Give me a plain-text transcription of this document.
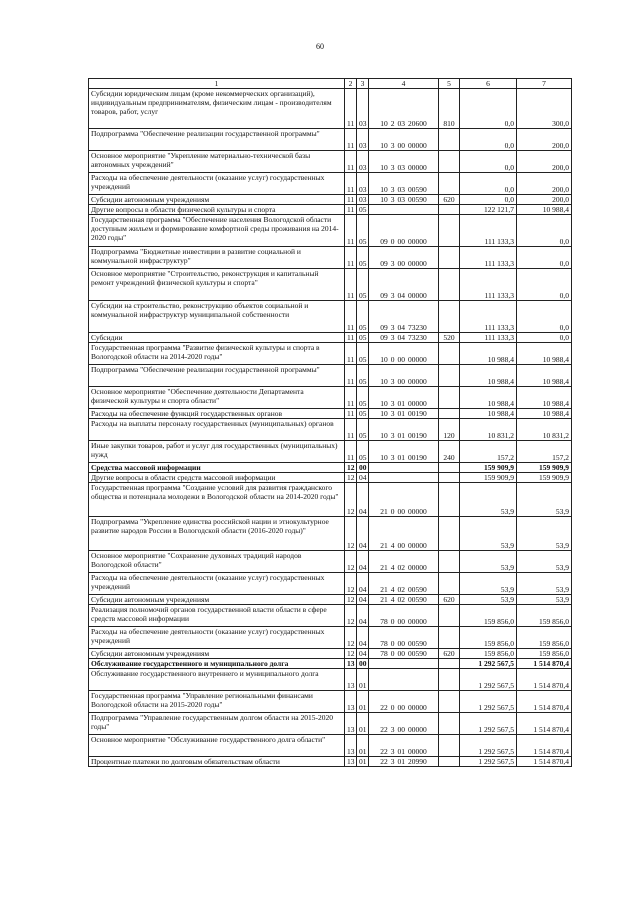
60
1	2	3	4	5	6	7
Субсидии юридическим лицам (кроме некоммерческих организаций), индивидуальным предпринимателям, физическим лицам - производителям товаров, работ, услуг	11	03	10 2 03 20600	810	0,0	300,0
Подпрограмма "Обеспечение реализации государственной программы"	11	03	10 3 00 00000		0,0	200,0
Основное мероприятие "Укрепление материально-технической базы автономных учреждений"	11	03	10 3 03 00000		0,0	200,0
Расходы на обеспечение деятельности (оказание услуг) государственных учреждений	11	03	10 3 03 00590		0,0	200,0
Субсидии автономным учреждениям	11	03	10 3 03 00590	620	0,0	200,0
Другие вопросы в области физической культуры и спорта	11	05			122 121,7	10 988,4
Государственная программа "Обеспечение населения Вологодской области доступным жильем и формирование комфортной среды проживания на 2014-2020 годы"	11	05	09 0 00 00000		111 133,3	0,0
Подпрограмма "Бюджетные инвестиции в развитие социальной и коммунальной инфраструктур"	11	05	09 3 00 00000		111 133,3	0,0
Основное мероприятие "Строительство, реконструкция и капитальный ремонт учреждений физической культуры и спорта"	11	05	09 3 04 00000		111 133,3	0,0
Субсидии на строительство, реконструкцию объектов социальной и коммунальной инфраструктур муниципальной собственности	11	05	09 3 04 73230		111 133,3	0,0
Субсидии	11	05	09 3 04 73230	520	111 133,3	0,0
Государственная программа "Развитие физической культуры и спорта в Вологодской области на 2014-2020 годы"	11	05	10 0 00 00000		10 988,4	10 988,4
Подпрограмма "Обеспечение реализации государственной программы"	11	05	10 3 00 00000		10 988,4	10 988,4
Основное мероприятие "Обеспечение деятельности Департамента физической культуры и спорта области"	11	05	10 3 01 00000		10 988,4	10 988,4
Расходы на обеспечение функций государственных органов	11	05	10 3 01 00190		10 988,4	10 988,4
Расходы на выплаты персоналу государственных (муниципальных) органов	11	05	10 3 01 00190	120	10 831,2	10 831,2
Иные закупки товаров, работ и услуг для государственных (муниципальных) нужд	11	05	10 3 01 00190	240	157,2	157,2
Средства массовой информации	12	00			159 909,9	159 909,9
Другие вопросы в области средств массовой информации	12	04			159 909,9	159 909,9
Государственная программа "Создание условий для развития гражданского общества и потенциала молодежи в Вологодской области на 2014-2020 годы"	12	04	21 0 00 00000		53,9	53,9
Подпрограмма "Укрепление единства российской нации и этнокультурное развитие народов России в Вологодской области (2016-2020 годы)"	12	04	21 4 00 00000		53,9	53,9
Основное мероприятие "Сохранение духовных традиций народов Вологодской области"	12	04	21 4 02 00000		53,9	53,9
Расходы на обеспечение деятельности (оказание услуг) государственных учреждений	12	04	21 4 02 00590		53,9	53,9
Субсидии автономным учреждениям	12	04	21 4 02 00590	620	53,9	53,9
Реализация полномочий органов государственной власти области в сфере средств массовой информации	12	04	78 0 00 00000		159 856,0	159 856,0
Расходы на обеспечение деятельности (оказание услуг) государственных учреждений	12	04	78 0 00 00590		159 856,0	159 856,0
Субсидии автономным учреждениям	12	04	78 0 00 00590	620	159 856,0	159 856,0
Обслуживание государственного и муниципального долга	13	00			1 292 567,5	1 514 870,4
Обслуживание государственного внутреннего и муниципального долга	13	01			1 292 567,5	1 514 870,4
Государственная программа "Управление региональными финансами Вологодской области на 2015-2020 годы"	13	01	22 0 00 00000		1 292 567,5	1 514 870,4
Подпрограмма "Управление государственным долгом области на 2015-2020 годы"	13	01	22 3 00 00000		1 292 567,5	1 514 870,4
Основное мероприятие "Обслуживание государственного долга области"	13	01	22 3 01 00000		1 292 567,5	1 514 870,4
Процентные платежи по долговым обязательствам области	13	01	22 3 01 20990		1 292 567,5	1 514 870,4
